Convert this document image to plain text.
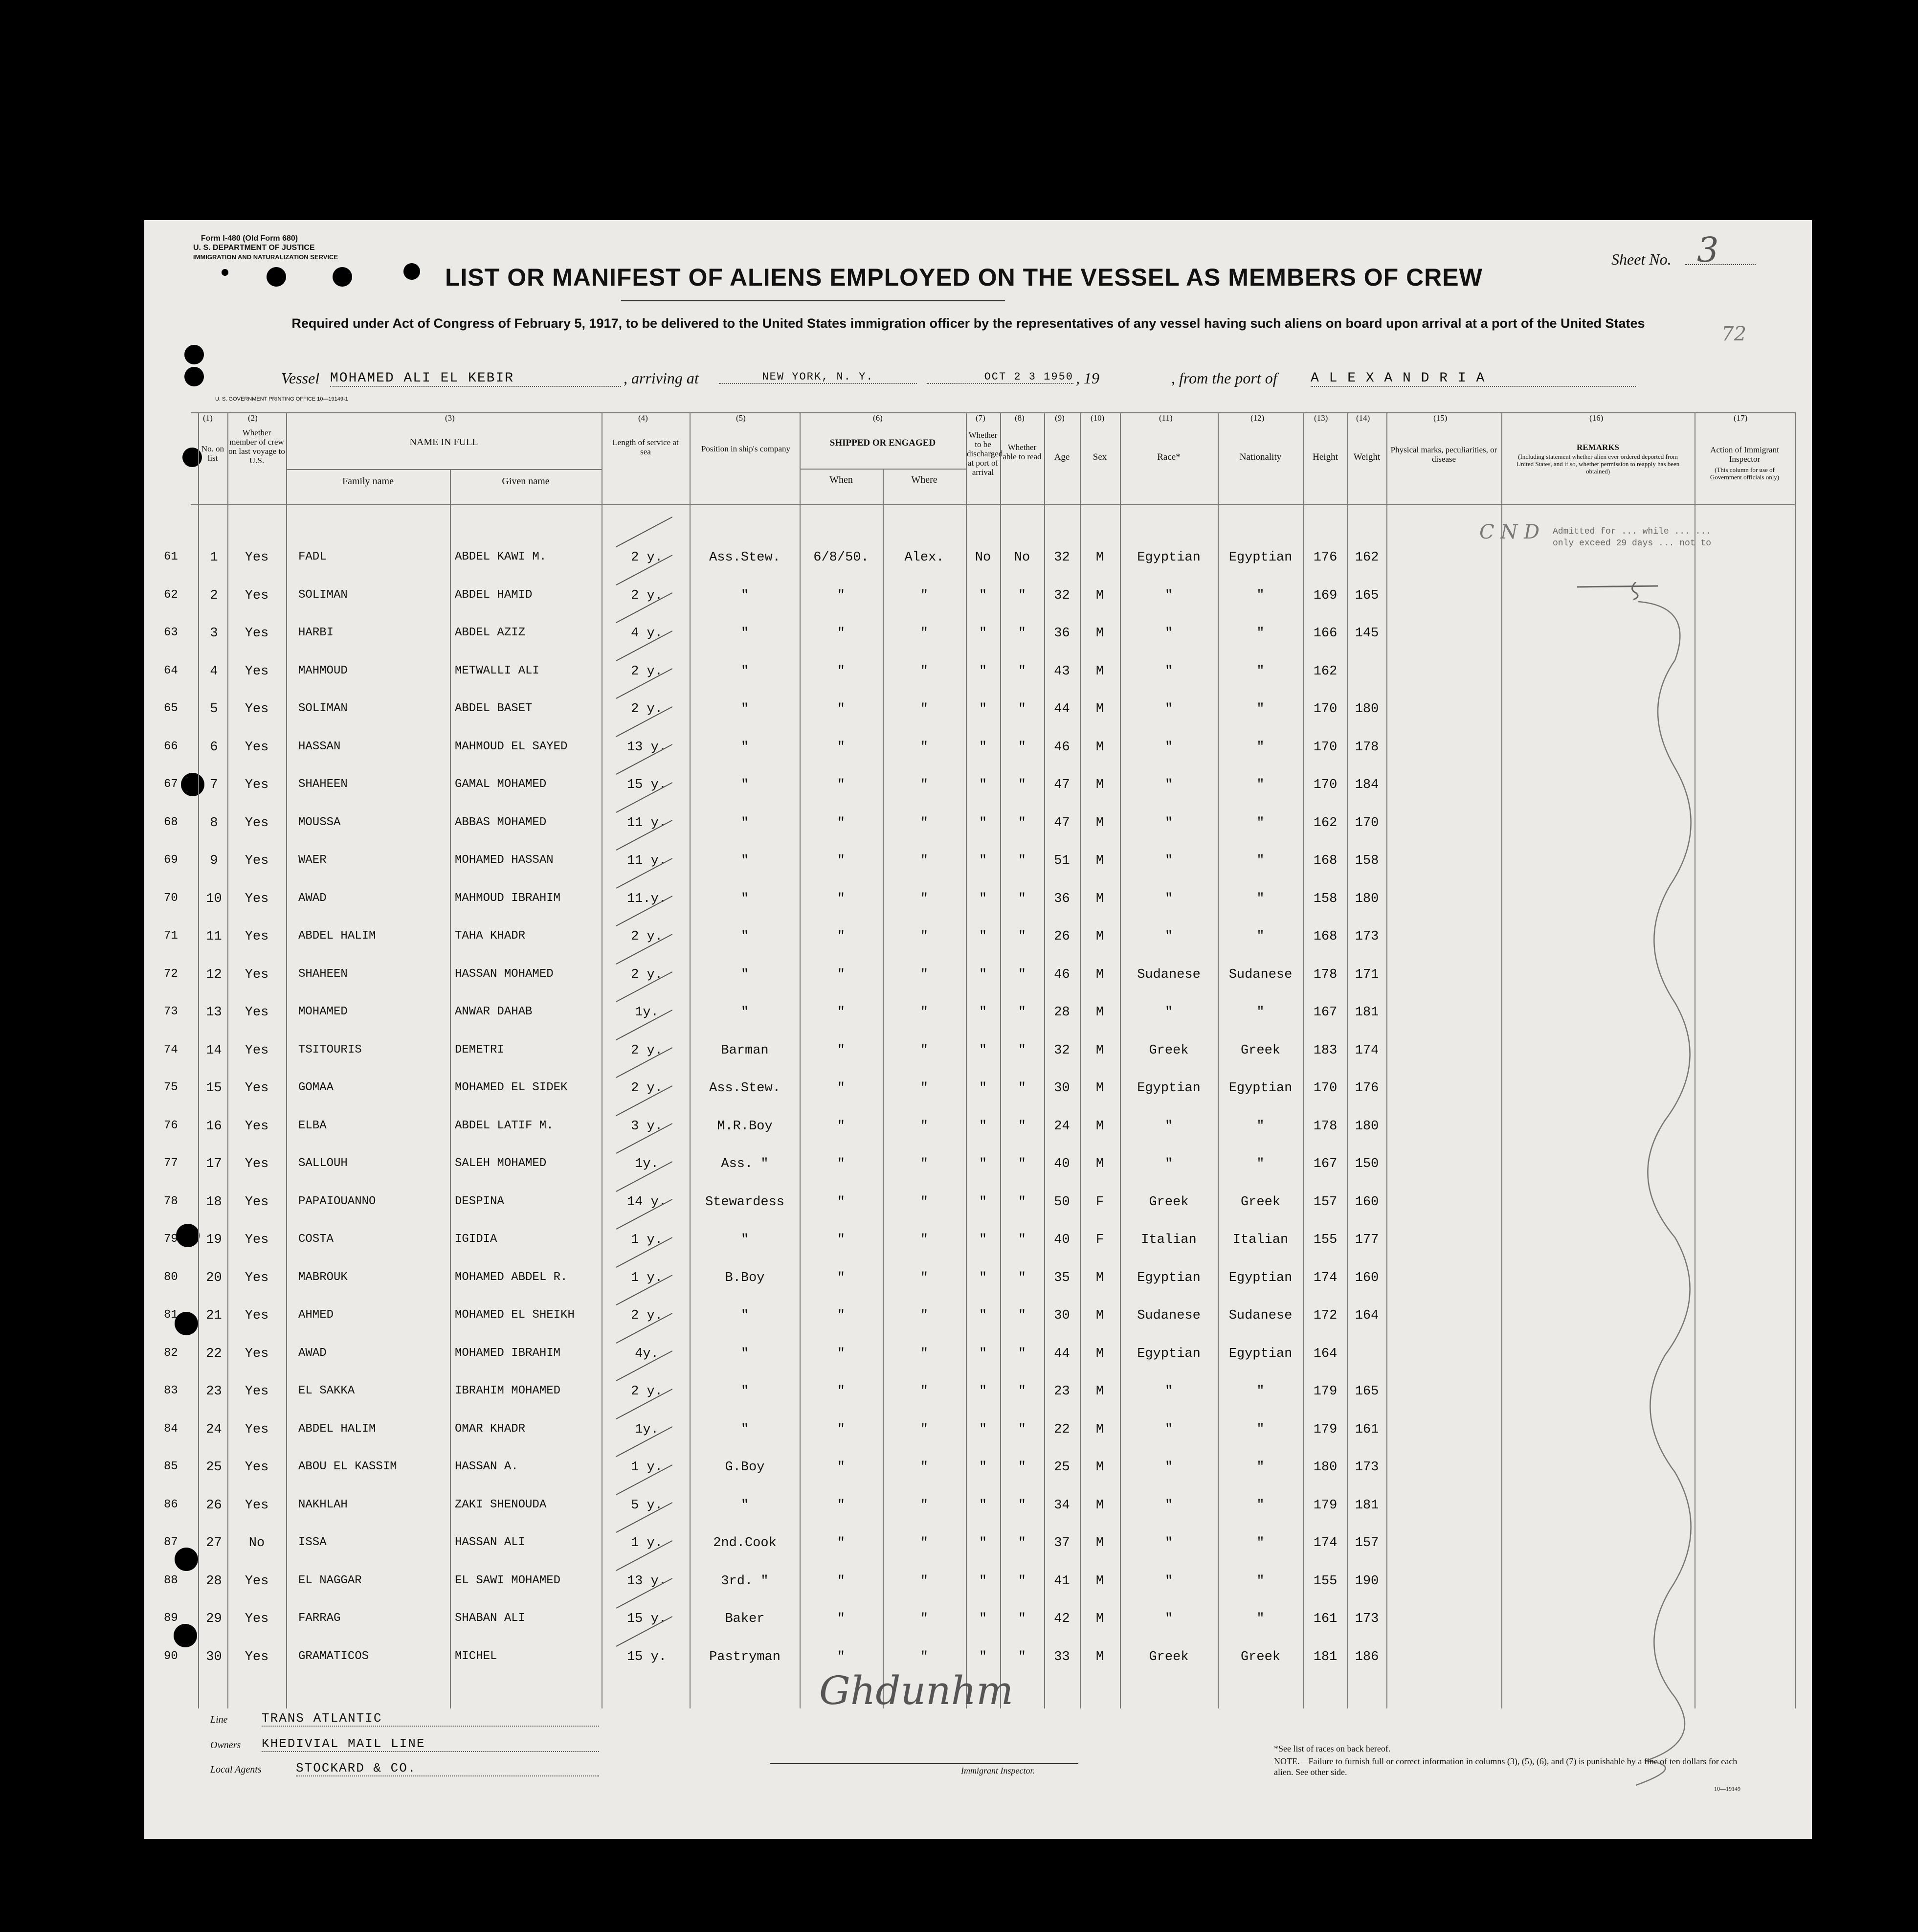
Form I-480 (Old Form 680)
U. S. DEPARTMENT OF JUSTICE
IMMIGRATION AND NATURALIZATION SERVICE
LIST OR MANIFEST OF ALIENS EMPLOYED ON THE VESSEL AS MEMBERS OF CREW
Sheet No. 3
72
Required under Act of Congress of February 5, 1917, to be delivered to the United States immigration officer by the representatives of any vessel having such aliens on board upon arrival at a port of the United States
Vessel MOHAMED ALI EL KEBIR	, arriving at	NEW YORK, N. Y.	OCT 2 3 1950 , 19	, from the port of A L E X A N D R I A
U. S. GOVERNMENT PRINTING OFFICE 10—19149-1
(1)	(2)	(3)	(4)	(5)	(6)	(7)	(8)	(9)	(10)	(11)	(12)	(13)	(14)	(15)	(16)	(17)
No. on list
Whether member of crew on last voyage to U.S.
NAME IN FULL
Family name	Given name
Length of service at sea	Position in ship's company
SHIPPED OR ENGAGED
When	Where
Whether to be discharged at port of arrival
Whether able to read	Age	Sex	Race*	Nationality	Height	Weight
Physical marks, peculiarities, or disease
REMARKS
(Including statement whether alien ever ordered deported from United States, and if so, whether permission to reapply has been obtained)
Action of Immigrant Inspector
(This column for use of Government officials only)
C N D Admitted for ... while ... ... only exceed 29 days ... not to
61	1	Yes	FADL	ABDEL KAWI M.	2 y.	Ass.Stew.	6/8/50.	Alex.	No	No	32	M	Egyptian	Egyptian	176	162
62	2	Yes	SOLIMAN	ABDEL HAMID	2 y.	"	"	"	"	"	32	M	"	"	169	165
63	3	Yes	HARBI	ABDEL AZIZ	4 y.	"	"	"	"	"	36	M	"	"	166	145
64	4	Yes	MAHMOUD	METWALLI ALI	2 y.	"	"	"	"	"	43	M	"	"	162
65	5	Yes	SOLIMAN	ABDEL BASET	2 y.	"	"	"	"	"	44	M	"	"	170	180
66	6	Yes	HASSAN	MAHMOUD EL SAYED	13 y.	"	"	"	"	"	46	M	"	"	170	178
67	7	Yes	SHAHEEN	GAMAL MOHAMED	15 y.	"	"	"	"	"	47	M	"	"	170	184
68	8	Yes	MOUSSA	ABBAS MOHAMED	11 y.	"	"	"	"	"	47	M	"	"	162	170
69	9	Yes	WAER	MOHAMED HASSAN	11 y.	"	"	"	"	"	51	M	"	"	168	158
70	10	Yes	AWAD	MAHMOUD IBRAHIM	11.y.	"	"	"	"	"	36	M	"	"	158	180
71	11	Yes	ABDEL HALIM	TAHA KHADR	2 y.	"	"	"	"	"	26	M	"	"	168	173
72	12	Yes	SHAHEEN	HASSAN MOHAMED	2 y.	"	"	"	"	"	46	M	Sudanese	Sudanese	178	171
73	13	Yes	MOHAMED	ANWAR DAHAB	1y.	"	"	"	"	"	28	M	"	"	167	181
74	14	Yes	TSITOURIS	DEMETRI	2 y.	Barman	"	"	"	"	32	M	Greek	Greek	183	174
75	15	Yes	GOMAA	MOHAMED EL SIDEK	2 y.	Ass.Stew.	"	"	"	"	30	M	Egyptian	Egyptian	170	176
76	16	Yes	ELBA	ABDEL LATIF M.	3 y.	M.R.Boy	"	"	"	"	24	M	"	"	178	180
77	17	Yes	SALLOUH	SALEH MOHAMED	1y.	Ass. "	"	"	"	"	40	M	"	"	167	150
78	18	Yes	PAPAIOUANNO	DESPINA	14 y.	Stewardess	"	"	"	"	50	F	Greek	Greek	157	160
79	19	Yes	COSTA	IGIDIA	1 y.	"	"	"	"	"	40	F	Italian	Italian	155	177
80	20	Yes	MABROUK	MOHAMED ABDEL R.	1 y.	B.Boy	"	"	"	"	35	M	Egyptian	Egyptian	174	160
81	21	Yes	AHMED	MOHAMED EL SHEIKH	2 y.	"	"	"	"	"	30	M	Sudanese	Sudanese	172	164
82	22	Yes	AWAD	MOHAMED IBRAHIM	4y.	"	"	"	"	"	44	M	Egyptian	Egyptian	164
83	23	Yes	EL SAKKA	IBRAHIM MOHAMED	2 y.	"	"	"	"	"	23	M	"	"	179	165
84	24	Yes	ABDEL HALIM	OMAR KHADR	1y.	"	"	"	"	"	22	M	"	"	179	161
85	25	Yes	ABOU EL KASSIM	HASSAN A.	1 y.	G.Boy	"	"	"	"	25	M	"	"	180	173
86	26	Yes	NAKHLAH	ZAKI SHENOUDA	5 y.	"	"	"	"	"	34	M	"	"	179	181
87	27	No	ISSA	HASSAN ALI	1 y.	2nd.Cook	"	"	"	"	37	M	"	"	174	157
88	28	Yes	EL NAGGAR	EL SAWI MOHAMED	13 y.	3rd. "	"	"	"	"	41	M	"	"	155	190
89	29	Yes	FARRAG	SHABAN ALI	15 y.	Baker	"	"	"	"	42	M	"	"	161	173
90	30	Yes	GRAMATICOS	MICHEL	15 y.	Pastryman	"	"	"	"	33	M	Greek	Greek	181	186
Line	TRANS ATLANTIC
Owners KHEDIVIAL MAIL LINE
Local Agents	STOCKARD & CO.
Ghdunhm
Immigrant Inspector.
*See list of races on back hereof.
NOTE.—Failure to furnish full or correct information in columns (3), (5), (6), and (7) is punishable by a fine of ten dollars for each alien. See other side.
10—19149
